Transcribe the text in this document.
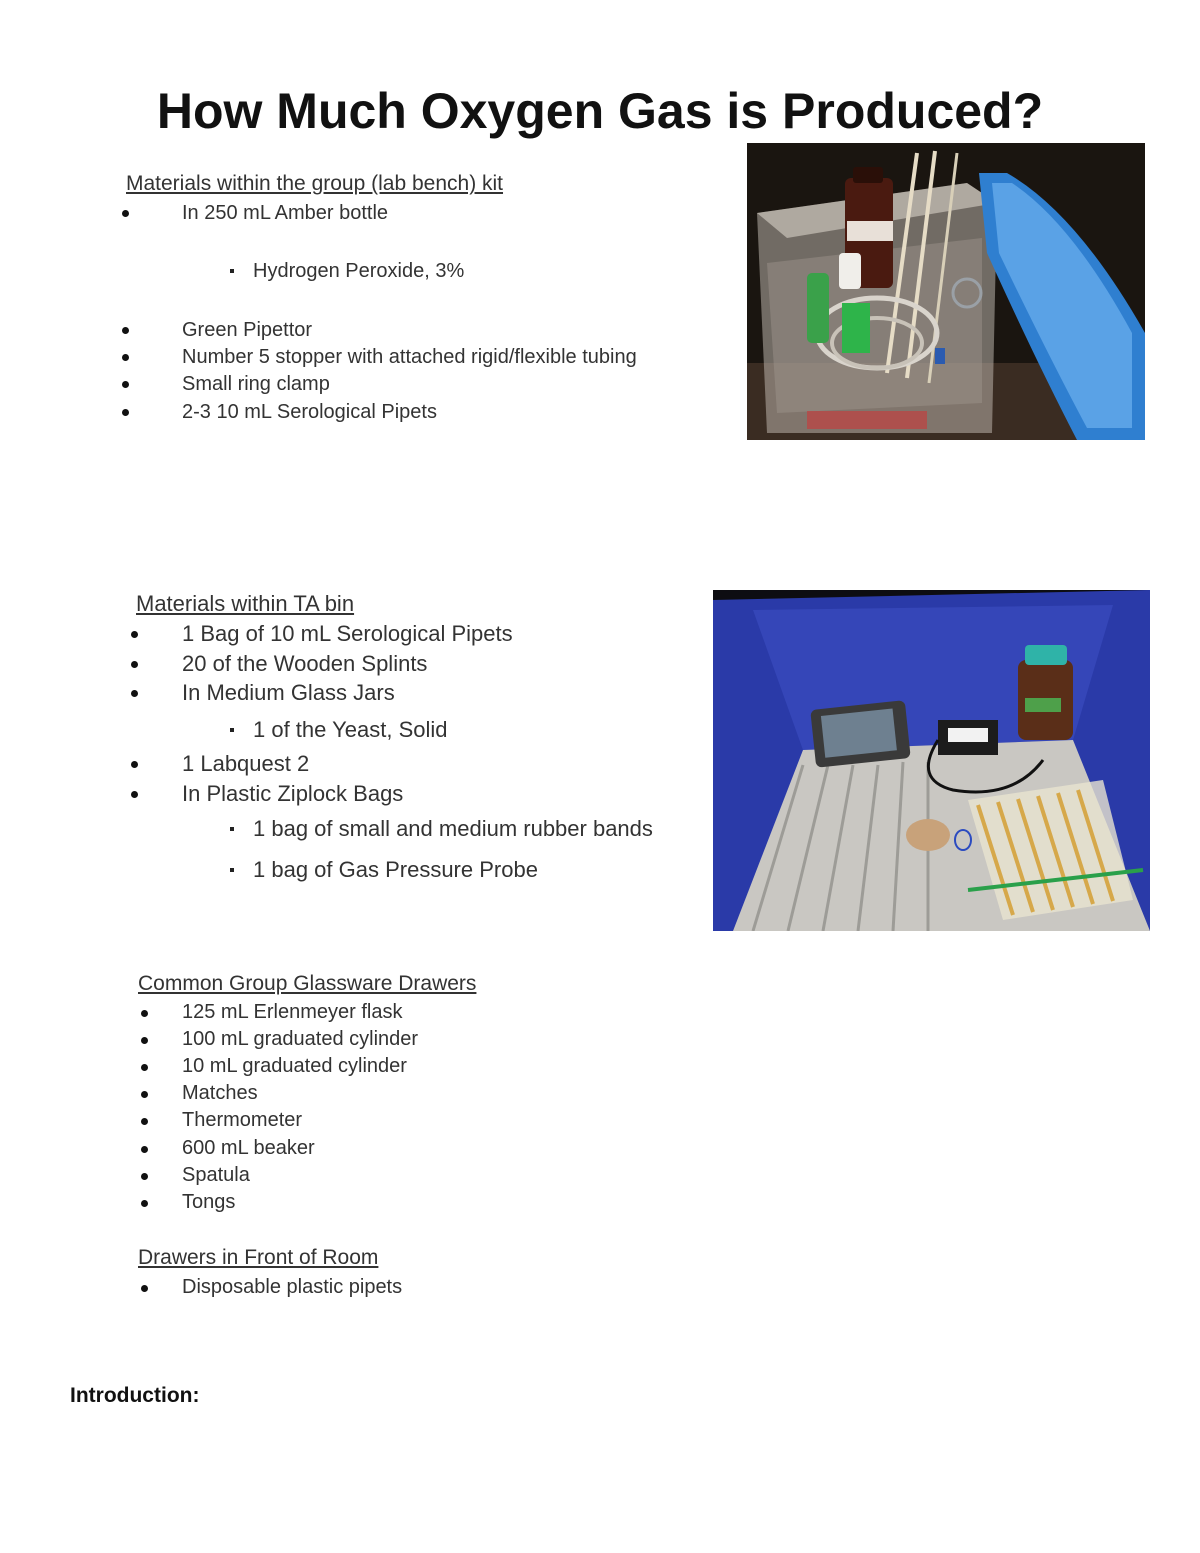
How Much Oxygen Gas is Produced?
Materials within the group (lab bench) kit
In 250 mL Amber bottle
Hydrogen Peroxide, 3%
Green Pipettor
Number 5 stopper with attached rigid/flexible tubing
Small ring clamp
2-3 10 mL Serological Pipets
Materials within TA bin
1 Bag of 10 mL Serological Pipets
20 of the Wooden Splints
In Medium Glass Jars
1 of the Yeast, Solid
1 Labquest 2
In Plastic Ziplock Bags
1 bag of small and medium rubber bands
1 bag of Gas Pressure Probe
Common Group Glassware Drawers
125 mL Erlenmeyer flask
100 mL graduated cylinder
10 mL graduated cylinder
Matches
Thermometer
600 mL beaker
Spatula
Tongs
Drawers in Front of Room
Disposable plastic pipets
Introduction:
